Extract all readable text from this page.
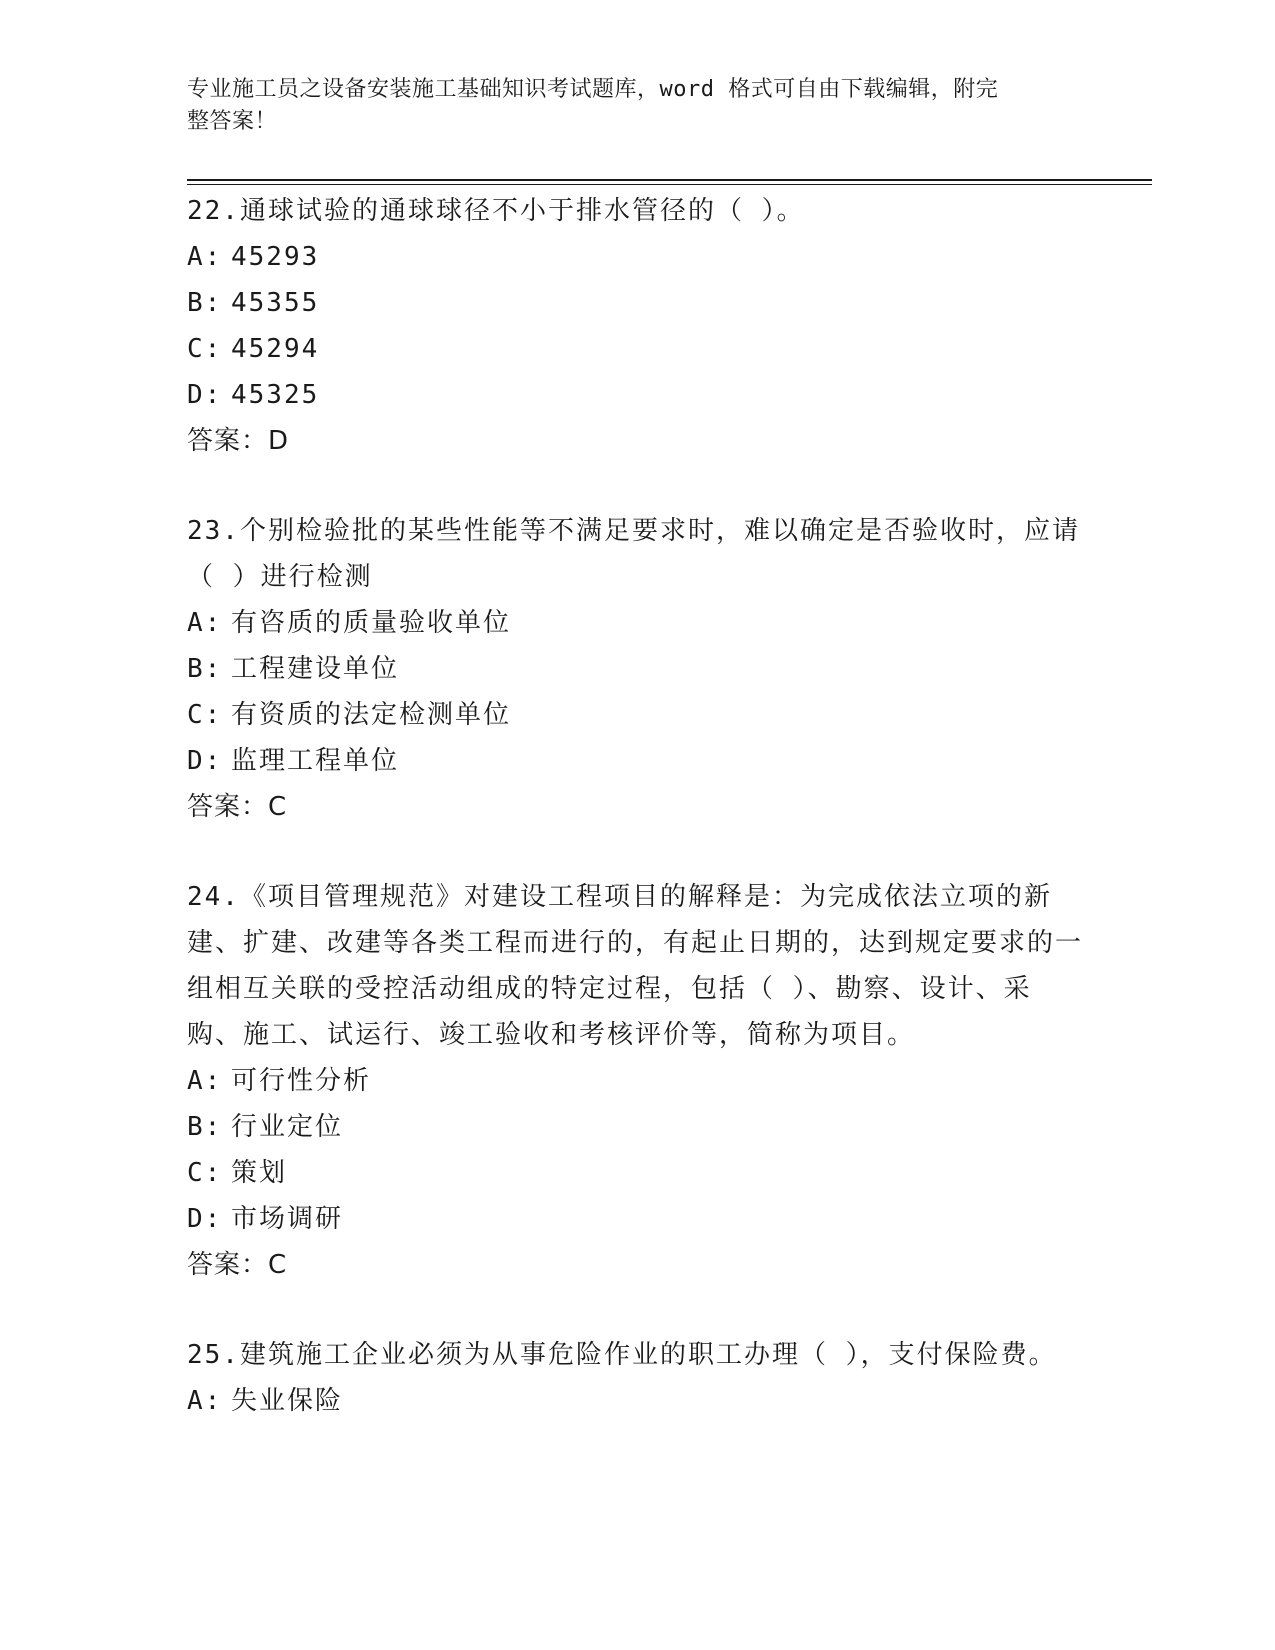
专业施工员之设备安装施工基础知识考试题库，word 格式可自由下载编辑，附完
整答案！
22.通球试验的通球球径不小于排水管径的（ ）。
A: 45293
B: 45355
C: 45294
D: 45325
答案：D
23.个别检验批的某些性能等不满足要求时，难以确定是否验收时，应请（ ）进行检测
A: 有咨质的质量验收单位
B: 工程建设单位
C: 有资质的法定检测单位
D: 监理工程单位
答案：C
24.《项目管理规范》对建设工程项目的解释是：为完成依法立项的新建、扩建、改建等各类工程而进行的，有起止日期的，达到规定要求的一组相互关联的受控活动组成的特定过程，包括（ ）、勘察、设计、采购、施工、试运行、竣工验收和考核评价等，简称为项目。
A: 可行性分析
B: 行业定位
C: 策划
D: 市场调研
答案：C
25.建筑施工企业必须为从事危险作业的职工办理（ ），支付保险费。
A: 失业保险
